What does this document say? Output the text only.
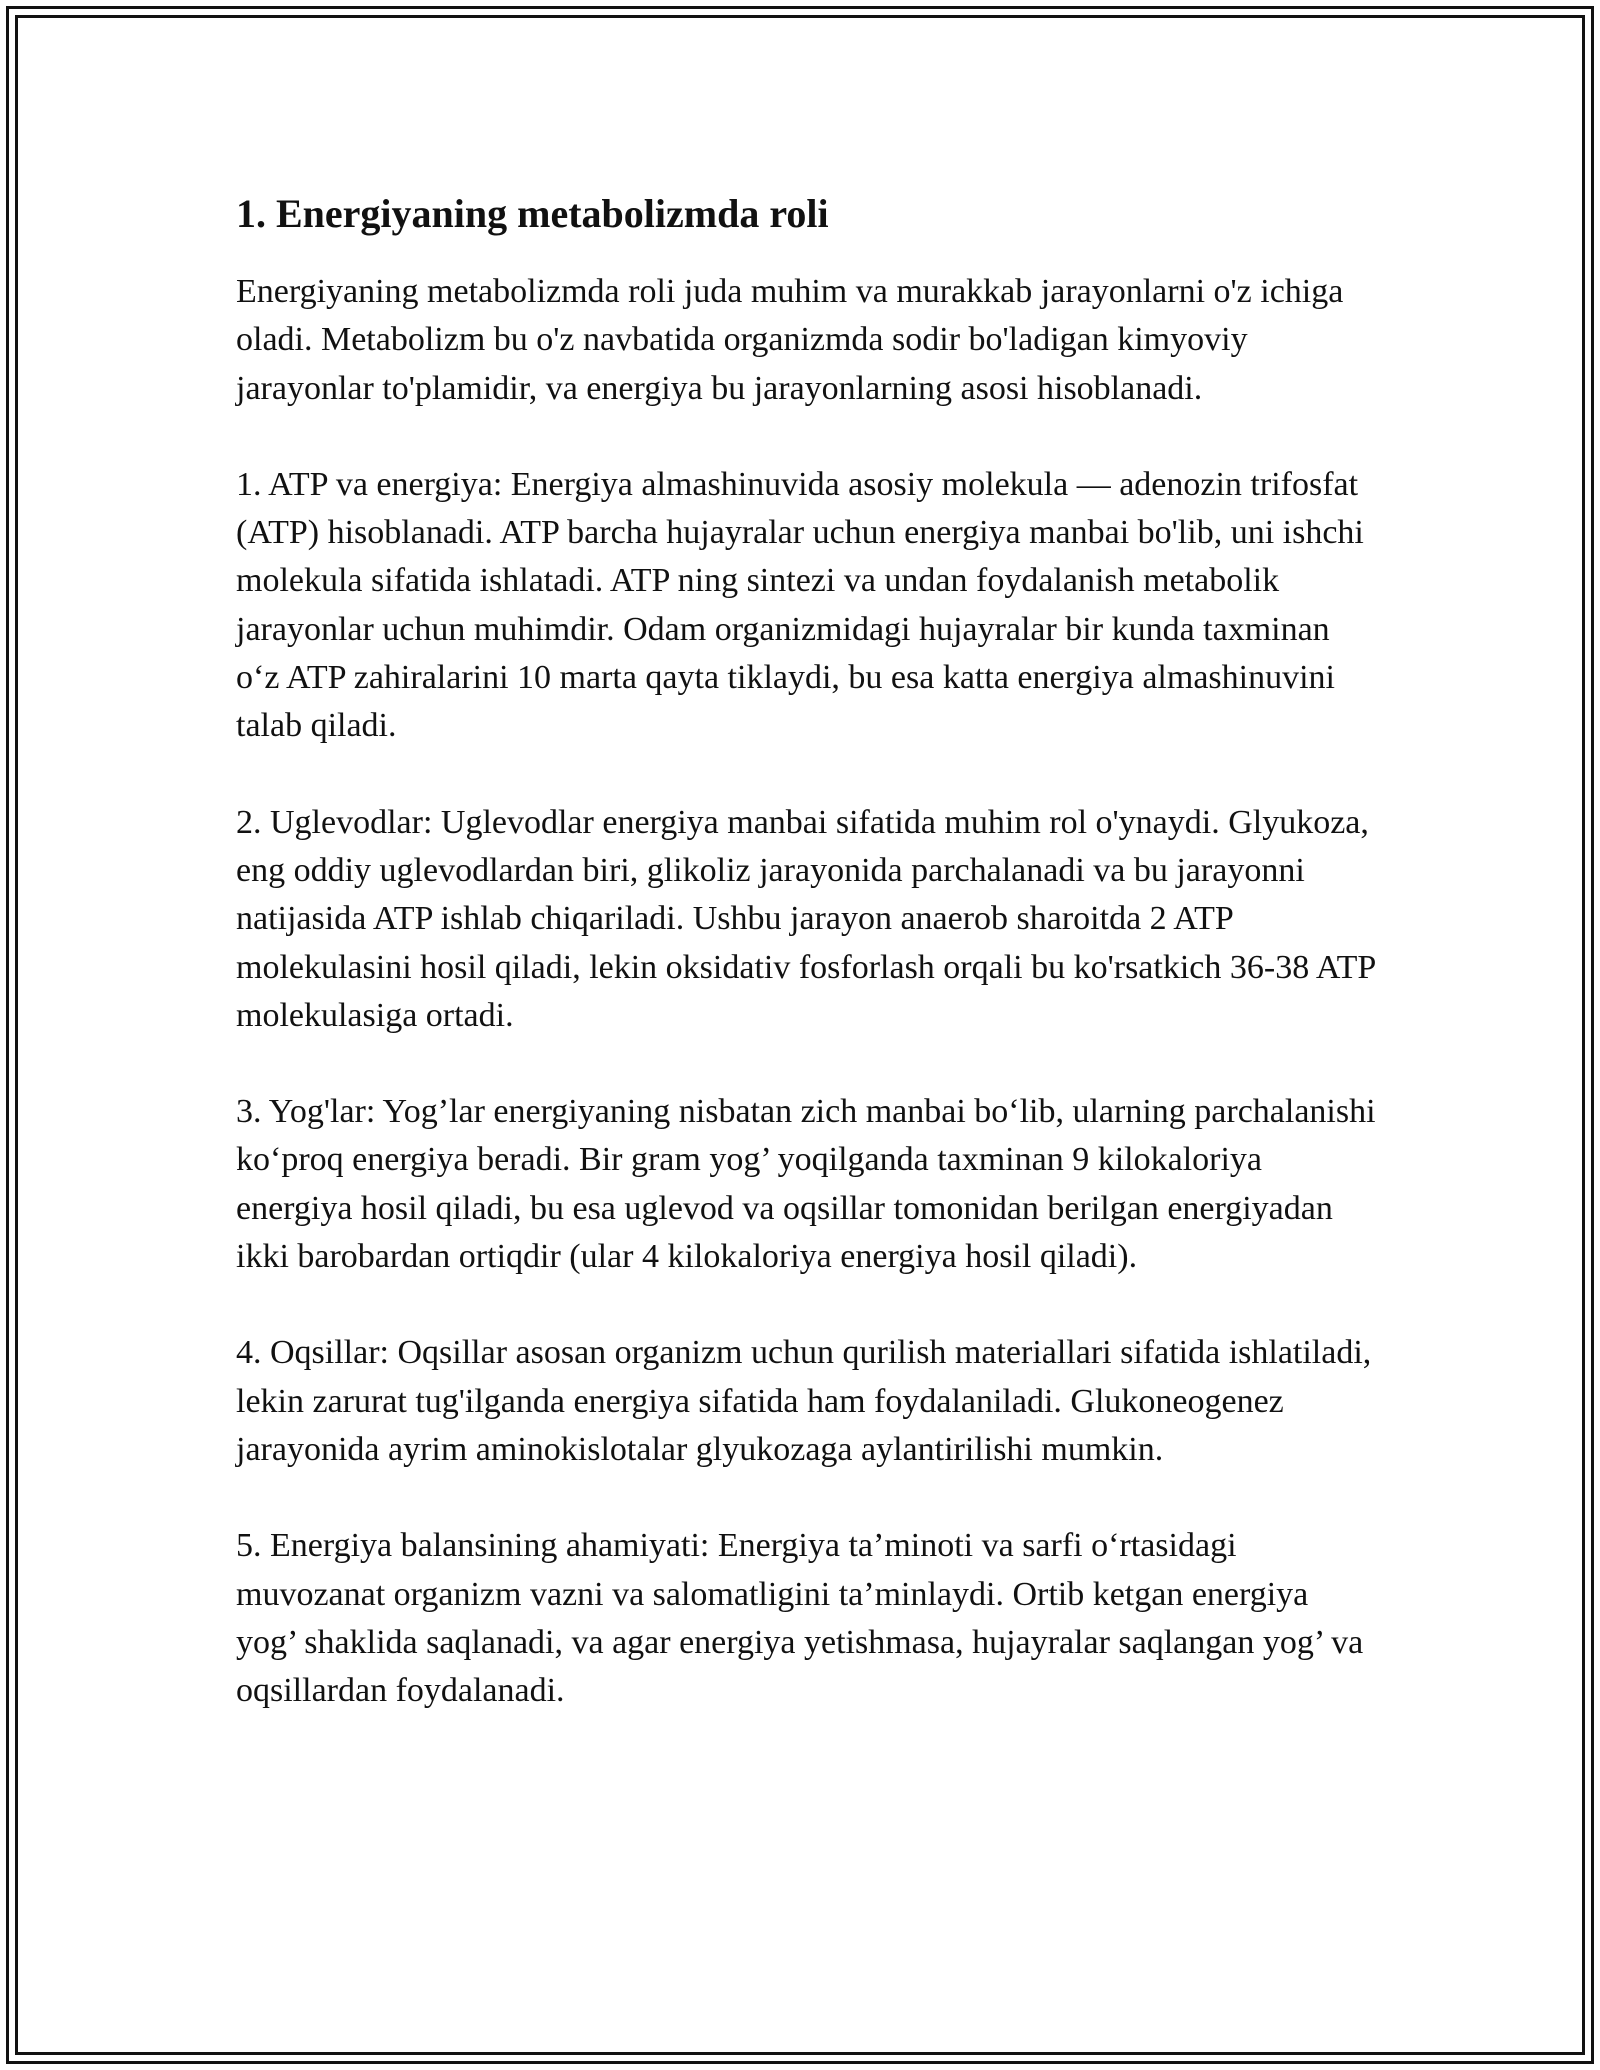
1. Energiyaning metabolizmda roli

Energiyaning metabolizmda roli juda muhim va murakkab jarayonlarni o'z ichiga oladi. Metabolizm bu o'z navbatida organizmda sodir bo'ladigan kimyoviy jarayonlar to'plamidir, va energiya bu jarayonlarning asosi hisoblanadi.

1. ATP va energiya: Energiya almashinuvida asosiy molekula — adenozin trifosfat (ATP) hisoblanadi. ATP barcha hujayralar uchun energiya manbai bo'lib, uni ishchi molekula sifatida ishlatadi. ATP ning sintezi va undan foydalanish metabolik jarayonlar uchun muhimdir. Odam organizmidagi hujayralar bir kunda taxminan o‘z ATP zahiralarini 10 marta qayta tiklaydi, bu esa katta energiya almashinuvini talab qiladi.

2. Uglevodlar: Uglevodlar energiya manbai sifatida muhim rol o'ynaydi. Glyukoza, eng oddiy uglevodlardan biri, glikoliz jarayonida parchalanadi va bu jarayonni natijasida ATP ishlab chiqariladi. Ushbu jarayon anaerob sharoitda 2 ATP molekulasini hosil qiladi, lekin oksidativ fosforlash orqali bu ko'rsatkich 36-38 ATP molekulasiga ortadi.

3. Yog'lar: Yog’lar energiyaning nisbatan zich manbai bo‘lib, ularning parchalanishi ko‘proq energiya beradi. Bir gram yog’ yoqilganda taxminan 9 kilokaloriya energiya hosil qiladi, bu esa uglevod va oqsillar tomonidan berilgan energiyadan ikki barobardan ortiqdir (ular 4 kilokaloriya energiya hosil qiladi).

4. Oqsillar: Oqsillar asosan organizm uchun qurilish materiallari sifatida ishlatiladi, lekin zarurat tug'ilganda energiya sifatida ham foydalaniladi. Glukoneogenez jarayonida ayrim aminokislotalar glyukozaga aylantirilishi mumkin.

5. Energiya balansining ahamiyati: Energiya ta’minoti va sarfi o‘rtasidagi muvozanat organizm vazni va salomatligini ta’minlaydi. Ortib ketgan energiya yog’ shaklida saqlanadi, va agar energiya yetishmasa, hujayralar saqlangan yog’ va oqsillardan foydalanadi.
